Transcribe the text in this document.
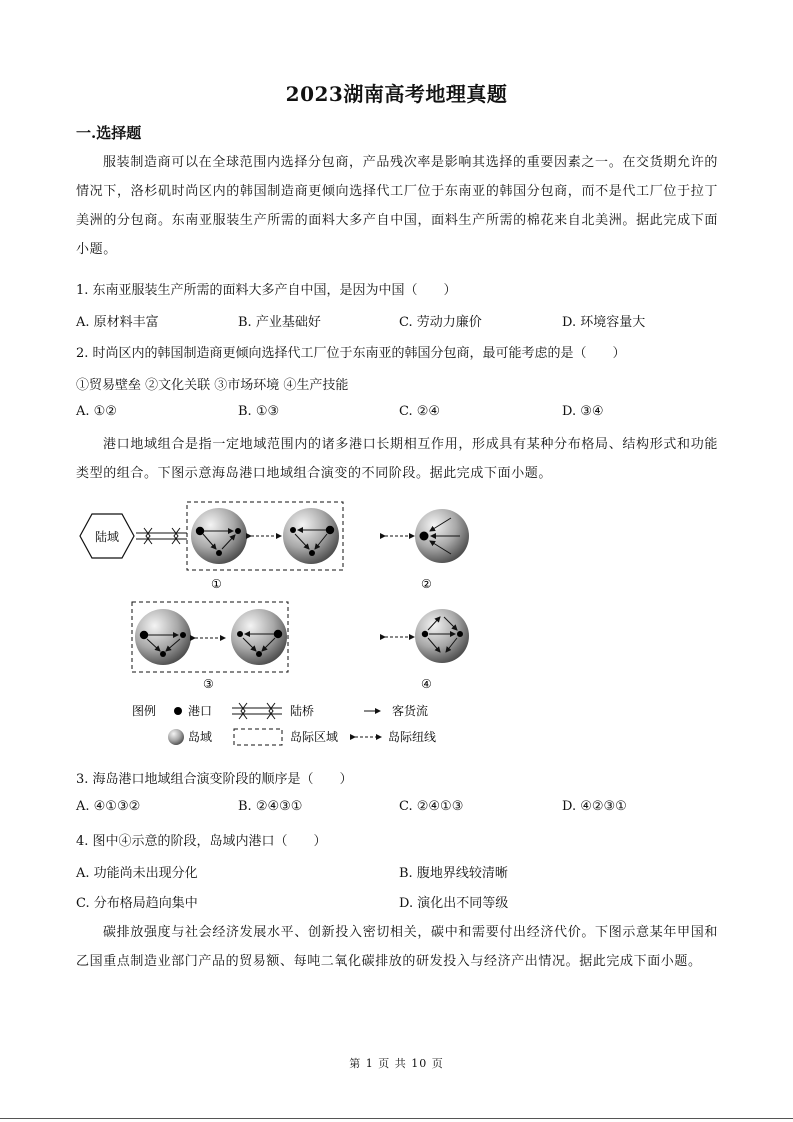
2023湖南高考地理真题
一.选择题
服装制造商可以在全球范围内选择分包商，产品残次率是影响其选择的重要因素之一。在交货期允许的情况下，洛杉矶时尚区内的韩国制造商更倾向选择代工厂位于东南亚的韩国分包商，而不是代工厂位于拉丁美洲的分包商。东南亚服装生产所需的面料大多产自中国，面料生产所需的棉花来自北美洲。据此完成下面小题。
1. 东南亚服装生产所需的面料大多产自中国，是因为中国（　　）
A. 原材料丰富	B. 产业基础好	C. 劳动力廉价	D. 环境容量大
2. 时尚区内的韩国制造商更倾向选择代工厂位于东南亚的韩国分包商，最可能考虑的是（　　）
①贸易壁垒 ②文化关联 ③市场环境 ④生产技能
A. ①②	B. ①③	C. ②④	D. ③④
港口地域组合是指一定地域范围内的诸多港口长期相互作用，形成具有某种分布格局、结构形式和功能类型的组合。下图示意海岛港口地域组合演变的不同阶段。据此完成下面小题。
陆域
①	②
③	④
图例	港口	陆桥	客货流
岛域	岛际区域	岛际纽线
3. 海岛港口地域组合演变阶段的顺序是（　　）
A. ④①③②	B. ②④③①	C. ②④①③	D. ④②③①
4. 图中④示意的阶段，岛域内港口（　　）
A. 功能尚未出现分化	B. 腹地界线较清晰
C. 分布格局趋向集中	D. 演化出不同等级
碳排放强度与社会经济发展水平、创新投入密切相关，碳中和需要付出经济代价。下图示意某年甲国和乙国重点制造业部门产品的贸易额、每吨二氧化碳排放的研发投入与经济产出情况。据此完成下面小题。
第 1 页 共 10 页
